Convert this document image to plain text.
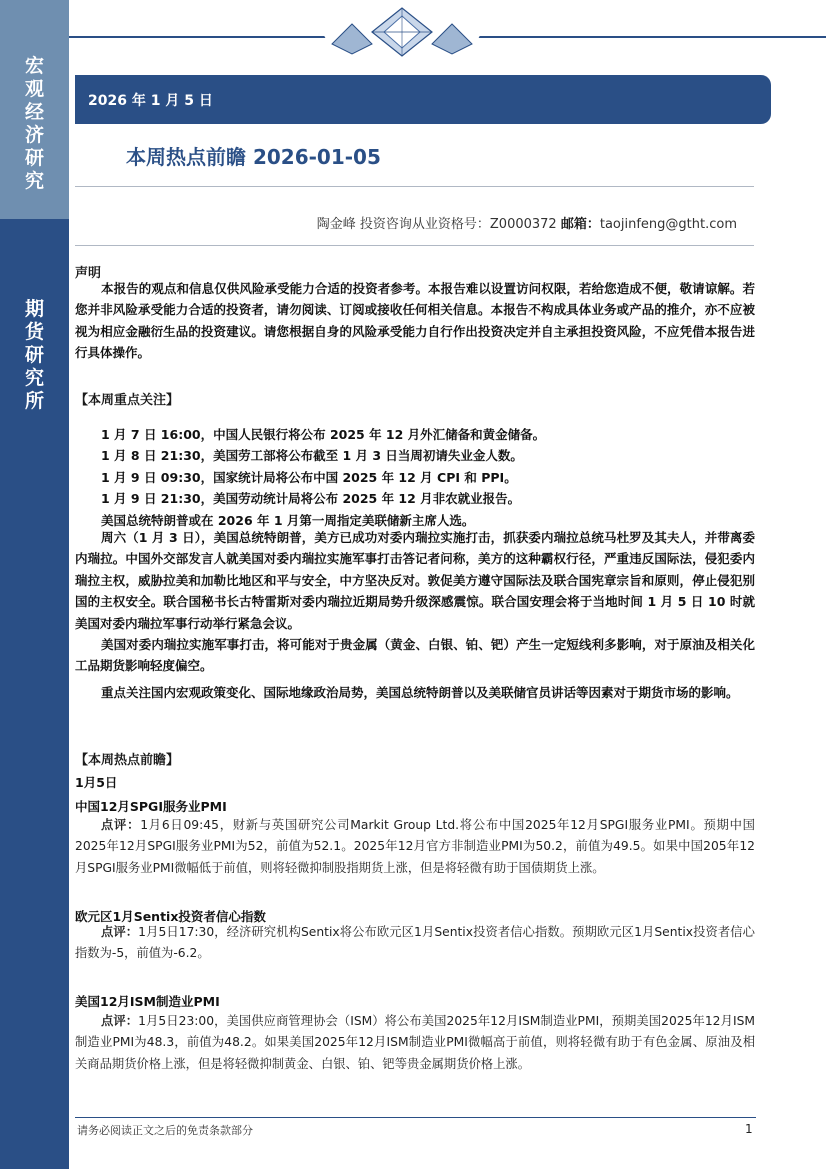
宏
观
经
济
研
究
期
货
研
究
所
2026 年 1 月 5 日
本周热点前瞻 2026-01-05
陶金峰 投资咨询从业资格号：Z0000372 邮箱：taojinfeng@gtht.com
声明
本报告的观点和信息仅供风险承受能力合适的投资者参考。本报告难以设置访问权限，若给您造成不便，敬请谅解。若您并非风险承受能力合适的投资者，请勿阅读、订阅或接收任何相关信息。本报告不构成具体业务或产品的推介，亦不应被视为相应金融衍生品的投资建议。请您根据自身的风险承受能力自行作出投资决定并自主承担投资风险，不应凭借本报告进行具体操作。
【本周重点关注】
1 月 7 日 16:00，中国人民银行将公布 2025 年 12 月外汇储备和黄金储备。
1 月 8 日 21:30，美国劳工部将公布截至 1 月 3 日当周初请失业金人数。
1 月 9 日 09:30，国家统计局将公布中国 2025 年 12 月 CPI 和 PPI。
1 月 9 日 21:30，美国劳动统计局将公布 2025 年 12 月非农就业报告。
美国总统特朗普或在 2026 年 1 月第一周指定美联储新主席人选。
周六（1 月 3 日），美国总统特朗普，美方已成功对委内瑞拉实施打击，抓获委内瑞拉总统马杜罗及其夫人，并带离委内瑞拉。中国外交部发言人就美国对委内瑞拉实施军事打击答记者问称，美方的这种霸权行径，严重违反国际法，侵犯委内瑞拉主权，威胁拉美和加勒比地区和平与安全，中方坚决反对。敦促美方遵守国际法及联合国宪章宗旨和原则，停止侵犯别国的主权安全。联合国秘书长古特雷斯对委内瑞拉近期局势升级深感震惊。联合国安理会将于当地时间 1 月 5 日 10 时就美国对委内瑞拉军事行动举行紧急会议。
美国对委内瑞拉实施军事打击，将可能对于贵金属（黄金、白银、铂、钯）产生一定短线利多影响，对于原油及相关化工品期货影响轻度偏空。
重点关注国内宏观政策变化、国际地缘政治局势，美国总统特朗普以及美联储官员讲话等因素对于期货市场的影响。
【本周热点前瞻】
1月5日
中国12月SPGI服务业PMI
点评：1月6日09:45，财新与英国研究公司Markit Group Ltd.将公布中国2025年12月SPGI服务业PMI。预期中国2025年12月SPGI服务业PMI为52，前值为52.1。2025年12月官方非制造业PMI为50.2，前值为49.5。如果中国205年12月SPGI服务业PMI微幅低于前值，则将轻微抑制股指期货上涨，但是将轻微有助于国债期货上涨。
欧元区1月Sentix投资者信心指数
点评：1月5日17:30，经济研究机构Sentix将公布欧元区1月Sentix投资者信心指数。预期欧元区1月Sentix投资者信心指数为-5，前值为-6.2。
美国12月ISM制造业PMI
点评：1月5日23:00，美国供应商管理协会（ISM）将公布美国2025年12月ISM制造业PMI，预期美国2025年12月ISM制造业PMI为48.3，前值为48.2。如果美国2025年12月ISM制造业PMI微幅高于前值，则将轻微有助于有色金属、原油及相关商品期货价格上涨，但是将轻微抑制黄金、白银、铂、钯等贵金属期货价格上涨。
请务必阅读正文之后的免责条款部分	1
